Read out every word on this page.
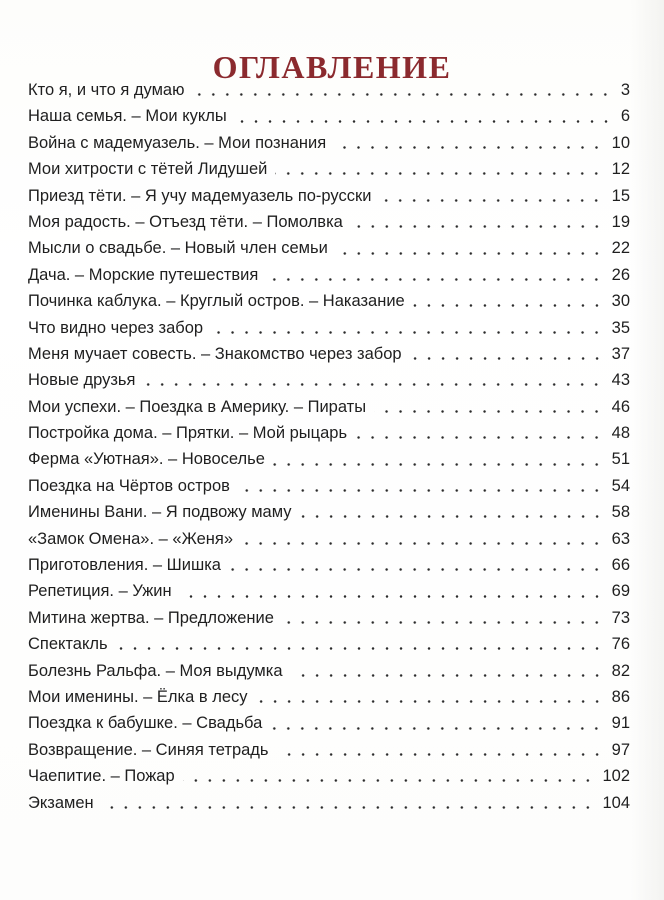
ОГЛАВЛЕНИЕ
Кто я, и что я думаю	3
Наша семья. – Мои куклы	6
Война с мадемуазель. – Мои познания	10
Мои хитрости с тётей Лидушей	12
Приезд тёти. – Я учу мадемуазель по-русски	15
Моя радость. – Отъезд тёти. – Помолвка	19
Мысли о свадьбе. – Новый член семьи	22
Дача. – Морские путешествия	26
Починка каблука. – Круглый остров. – Наказание	30
Что видно через забор	35
Меня мучает совесть. – Знакомство через забор	37
Новые друзья	43
Мои успехи. – Поездка в Америку. – Пираты	46
Постройка дома. – Прятки. – Мой рыцарь	48
Ферма «Уютная». – Новоселье	51
Поездка на Чёртов остров	54
Именины Вани. – Я подвожу маму	58
«Замок Омена». – «Женя»	63
Приготовления. – Шишка	66
Репетиция. – Ужин	69
Митина жертва. – Предложение	73
Спектакль	76
Болезнь Ральфа. – Моя выдумка	82
Мои именины. – Ёлка в лесу	86
Поездка к бабушке. – Свадьба	91
Возвращение. – Синяя тетрадь	97
Чаепитие. – Пожар	102
Экзамен	104
